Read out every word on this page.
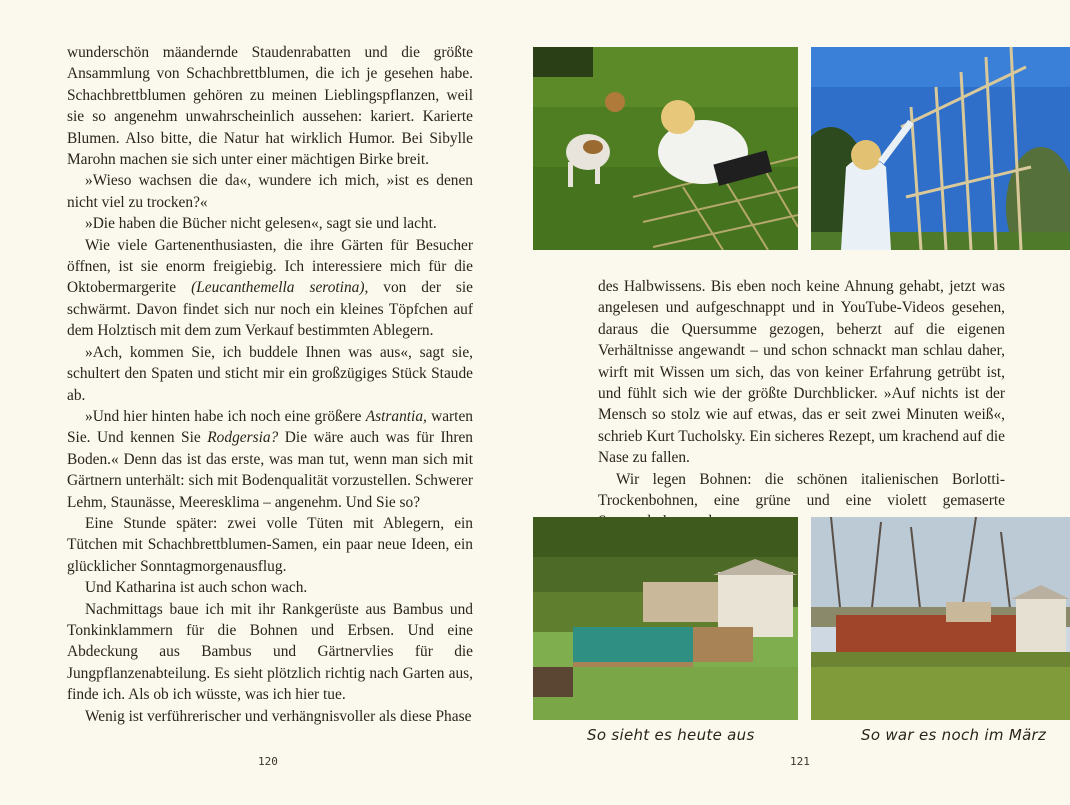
wunderschön mäandernde Staudenrabatten und die größte Ansammlung von Schachbrettblumen, die ich je gesehen habe. Schachbrettblumen gehören zu meinen Lieblingspflanzen, weil sie so angenehm unwahrscheinlich aussehen: kariert. Karierte Blumen. Also bitte, die Natur hat wirklich Humor. Bei Sibylle Marohn machen sie sich unter einer mächtigen Birke breit.

»Wieso wachsen die da«, wundere ich mich, »ist es denen nicht viel zu trocken?«

»Die haben die Bücher nicht gelesen«, sagt sie und lacht.

Wie viele Gartenenthusiasten, die ihre Gärten für Besucher öffnen, ist sie enorm freigiebig. Ich interessiere mich für die Oktobermargerite (Leucanthemella serotina), von der sie schwärmt. Davon findet sich nur noch ein kleines Töpfchen auf dem Holztisch mit dem zum Verkauf bestimmten Ablegern.

»Ach, kommen Sie, ich buddele Ihnen was aus«, sagt sie, schultert den Spaten und sticht mir ein großzügiges Stück Staude ab.

»Und hier hinten habe ich noch eine größere Astrantia, warten Sie. Und kennen Sie Rodgersia? Die wäre auch was für Ihren Boden.« Denn das ist das erste, was man tut, wenn man sich mit Gärtnern unterhält: sich mit Bodenqualität vorzustellen. Schwerer Lehm, Staunässe, Meeresklima – angenehm. Und Sie so?

Eine Stunde später: zwei volle Tüten mit Ablegern, ein Tütchen mit Schachbrettblumen-Samen, ein paar neue Ideen, ein glücklicher Sonntagmorgenausflug.

Und Katharina ist auch schon wach.

Nachmittags baue ich mit ihr Rankgerüste aus Bambus und Tonkinklammern für die Bohnen und Erbsen. Und eine Abdeckung aus Bambus und Gärtnervlies für die Jungpflanzenabteilung. Es sieht plötzlich richtig nach Garten aus, finde ich. Als ob ich wüsste, was ich hier tue.

Wenig ist verführerischer und verhängnisvoller als diese Phase

120

des Halbwissens. Bis eben noch keine Ahnung gehabt, jetzt was angelesen und aufgeschnappt und in YouTube-Videos gesehen, daraus die Quersumme gezogen, beherzt auf die eigenen Verhältnisse angewandt – und schon schnackt man schlau daher, wirft mit Wissen um sich, das von keiner Erfahrung getrübt ist, und fühlt sich wie der größte Durchblicker. »Auf nichts ist der Mensch so stolz wie auf etwas, das er seit zwei Minuten weiß«, schrieb Kurt Tucholsky. Ein sicheres Rezept, um krachend auf die Nase zu fallen.

Wir legen Bohnen: die schönen italienischen Borlotti-Trockenbohnen, eine grüne und eine violett gemaserte

So sieht es heute aus	So war es noch im März
121
